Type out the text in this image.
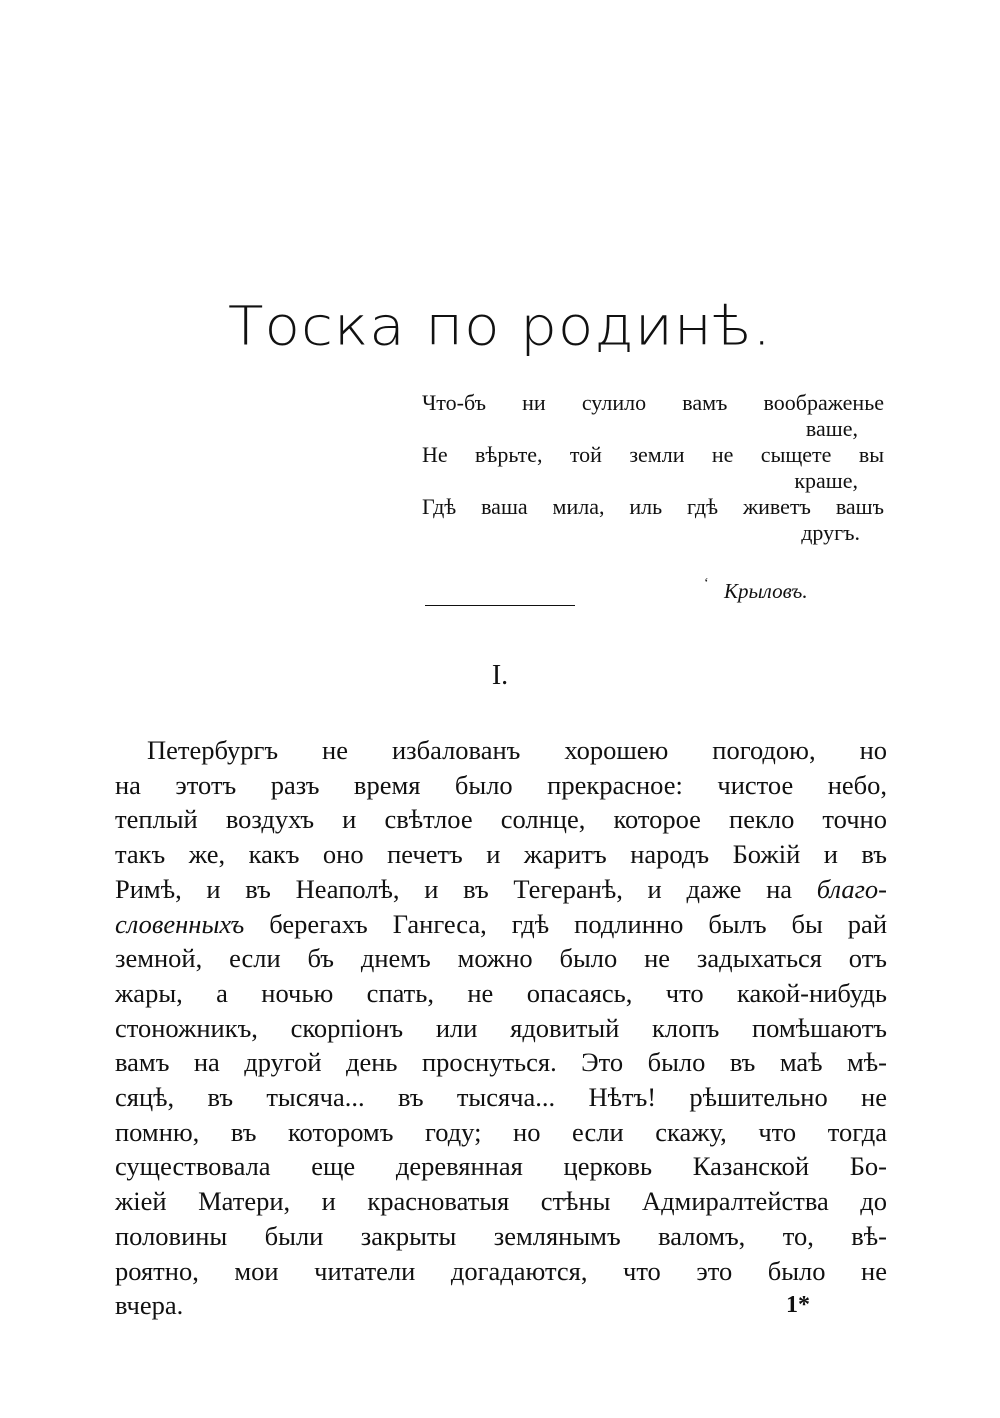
Тоска по родинѣ.
Что-бъ ни сулило вамъ воображенье
ваше,
Не вѣрьте, той земли не сыщете вы
краше,
Гдѣ ваша мила, иль гдѣ живетъ вашъ
другъ.
‘ Крыловъ.
I.
Петербургъ не избалованъ хорошею погодою, но
на этотъ разъ время было прекрасное: чистое небо,
теплый воздухъ и свѣтлое солнце, которое пекло точно
такъ же, какъ оно печетъ и жаритъ народъ Божій и въ
Римѣ, и въ Неаполѣ, и въ Тегеранѣ, и даже на благо-
словенныхъ берегахъ Гангеса, гдѣ подлинно былъ бы рай
земной, если бъ днемъ можно было не задыхаться отъ
жары, а ночью спать, не опасаясь, что какой-нибудь
стоножникъ, скорпіонъ или ядовитый клопъ помѣшаютъ
вамъ на другой день проснуться. Это было въ маѣ мѣ-
сяцѣ, въ тысяча... въ тысяча... Нѣтъ! рѣшительно не
помню, въ которомъ году; но если скажу, что тогда
существовала еще деревянная церковь Казанской Бо-
жіей Матери, и красноватыя стѣны Адмиралтейства до
половины были закрыты землянымъ валомъ, то, вѣ-
роятно, мои читатели догадаются, что это было не
вчера.	1*
